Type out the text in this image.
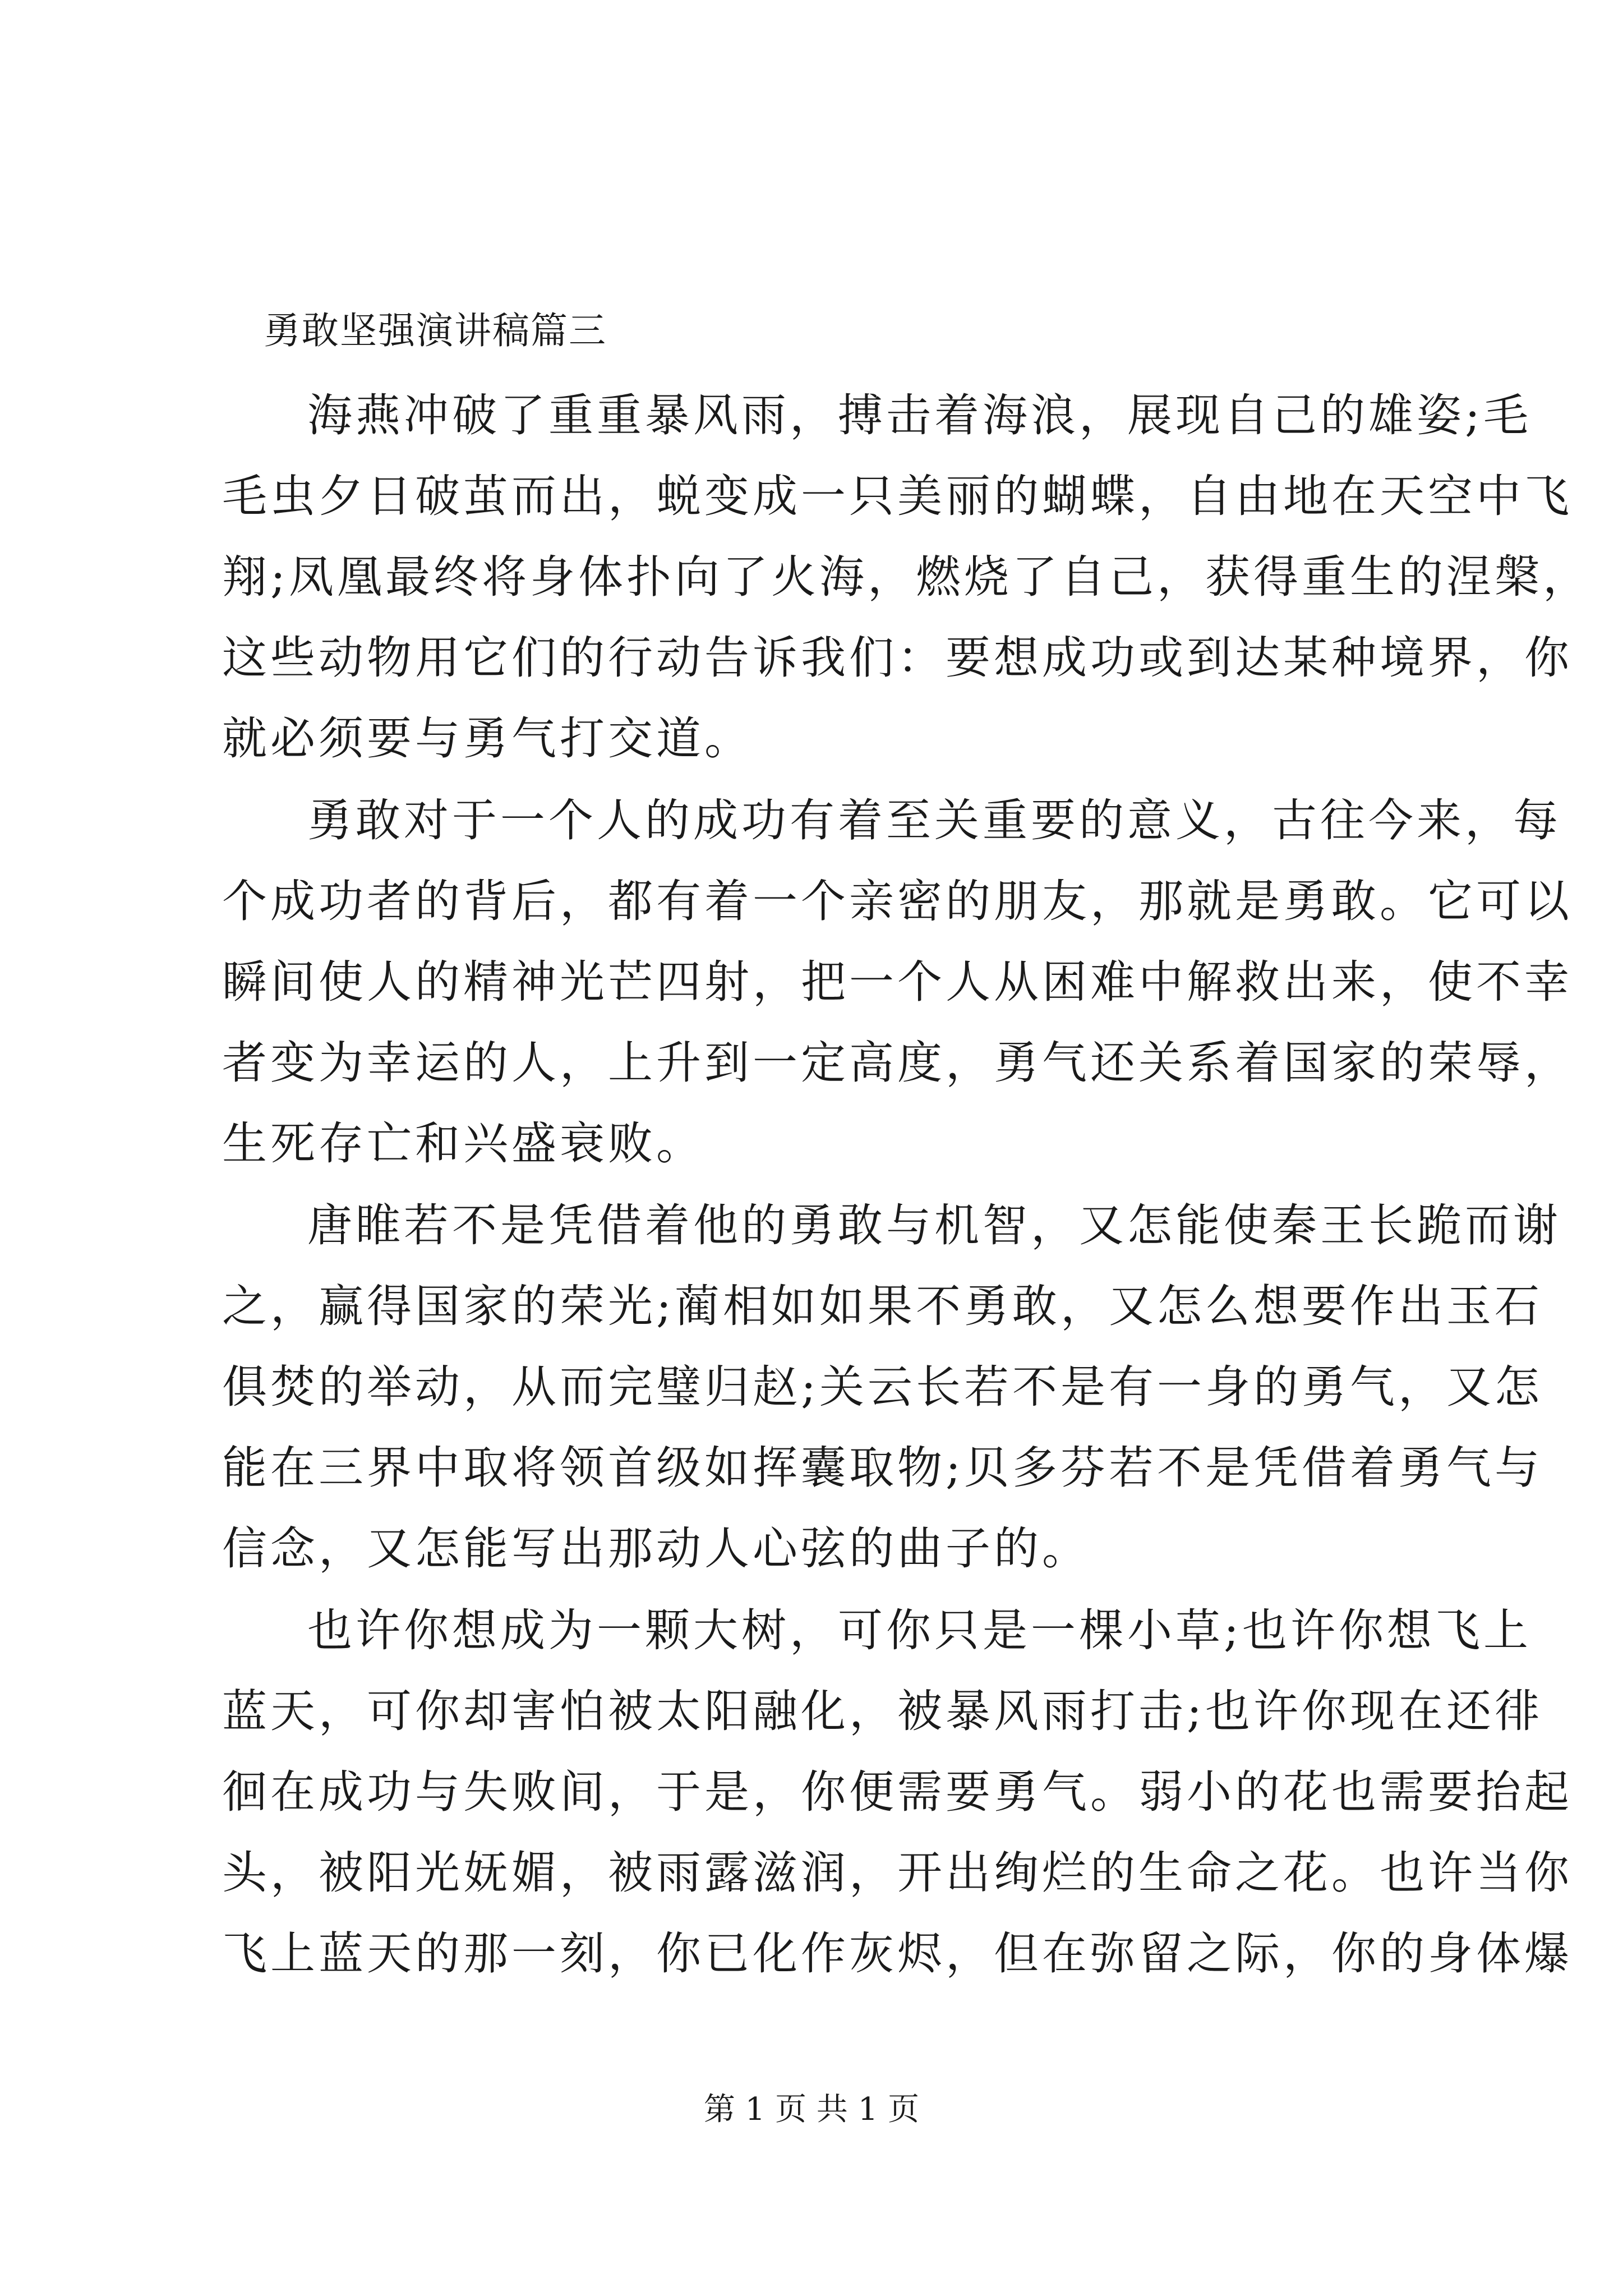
勇敢坚强演讲稿篇三

海燕冲破了重重暴风雨，搏击着海浪，展现自己的雄姿;毛

毛虫夕日破茧而出，蜕变成一只美丽的蝴蝶，自由地在天空中飞

翔;凤凰最终将身体扑向了火海，燃烧了自己，获得重生的涅槃，

这些动物用它们的行动告诉我们：要想成功或到达某种境界，你

就必须要与勇气打交道。

勇敢对于一个人的成功有着至关重要的意义，古往今来，每

个成功者的背后，都有着一个亲密的朋友，那就是勇敢。它可以

瞬间使人的精神光芒四射，把一个人从困难中解救出来，使不幸

者变为幸运的人，上升到一定高度，勇气还关系着国家的荣辱，

生死存亡和兴盛衰败。

唐睢若不是凭借着他的勇敢与机智，又怎能使秦王长跪而谢

之，赢得国家的荣光;蔺相如如果不勇敢，又怎么想要作出玉石

俱焚的举动，从而完璧归赵;关云长若不是有一身的勇气，又怎

能在三界中取将领首级如挥囊取物;贝多芬若不是凭借着勇气与

信念，又怎能写出那动人心弦的曲子的。

也许你想成为一颗大树，可你只是一棵小草;也许你想飞上

蓝天，可你却害怕被太阳融化，被暴风雨打击;也许你现在还徘

徊在成功与失败间，于是，你便需要勇气。弱小的花也需要抬起

头，被阳光妩媚，被雨露滋润，开出绚烂的生命之花。也许当你

飞上蓝天的那一刻，你已化作灰烬，但在弥留之际，你的身体爆

第 1 页 共 1 页
